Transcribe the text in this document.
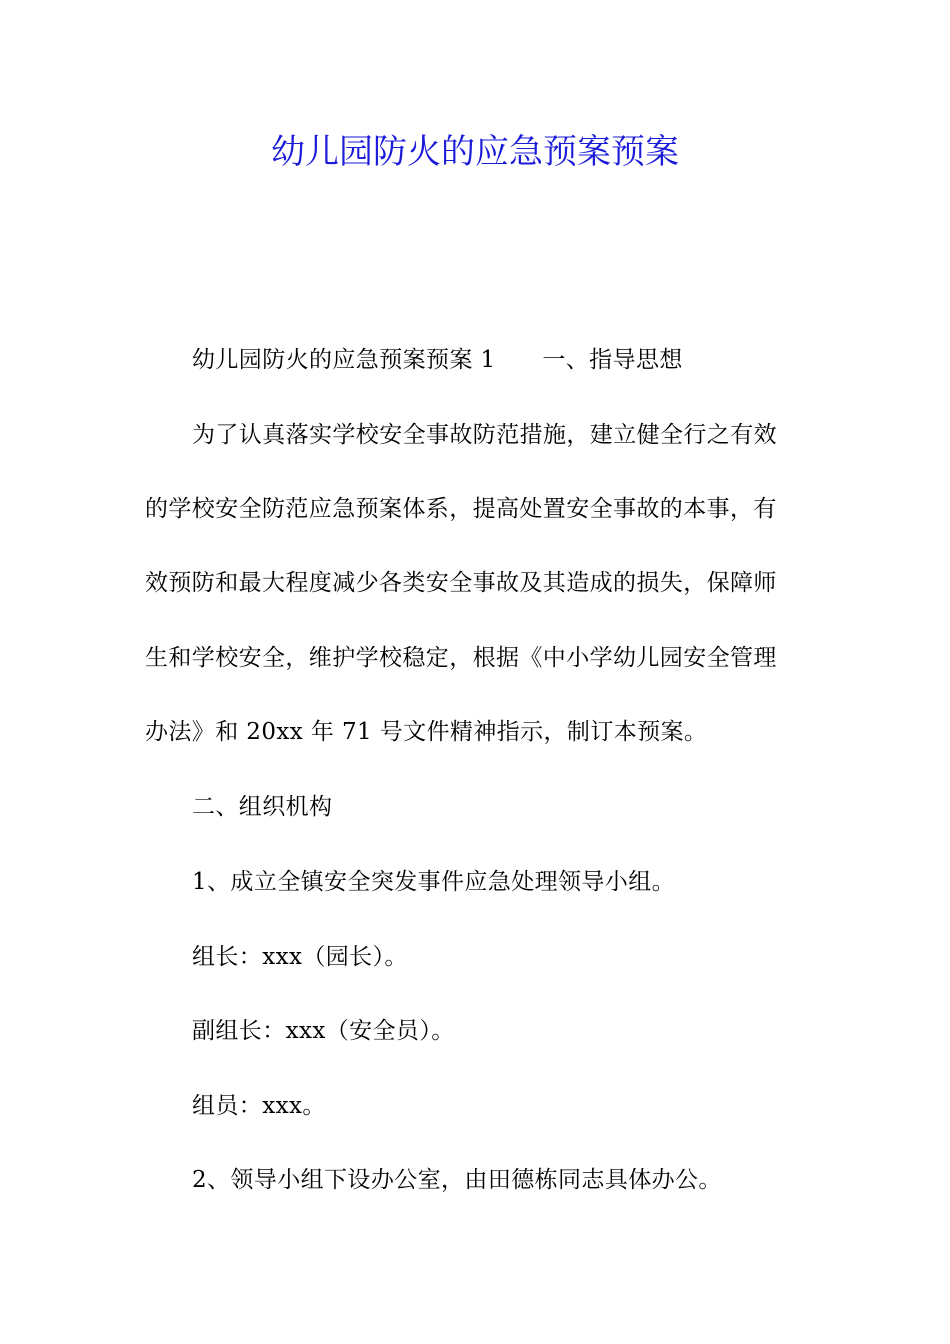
幼儿园防火的应急预案预案
幼儿园防火的应急预案预案 1　　一、指导思想
为了认真落实学校安全事故防范措施，建立健全行之有效
的学校安全防范应急预案体系，提高处置安全事故的本事，有
效预防和最大程度减少各类安全事故及其造成的损失，保障师
生和学校安全，维护学校稳定，根据《中小学幼儿园安全管理
办法》和 20xx 年 71 号文件精神指示，制订本预案。
二、组织机构
1、成立全镇安全突发事件应急处理领导小组。
组长：xxx（园长）。
副组长：xxx（安全员）。
组员：xxx。
2、领导小组下设办公室，由田德栋同志具体办公。
